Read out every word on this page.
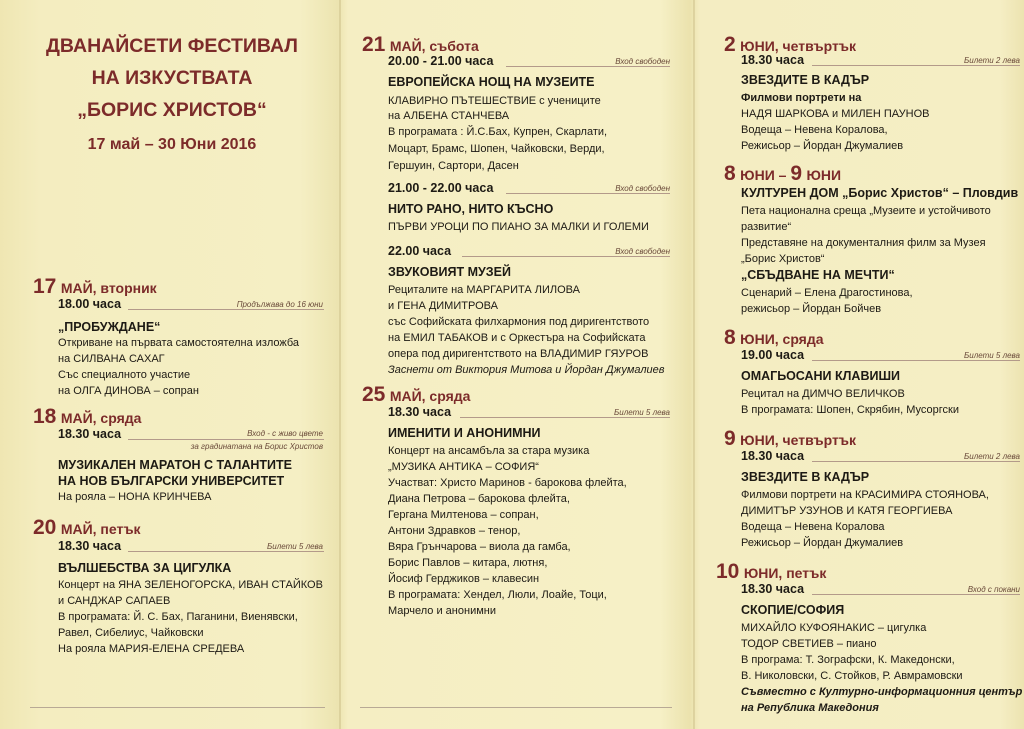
ДВАНАЙСЕТИ ФЕСТИВАЛ
НА ИЗКУСТВАТА
„БОРИС ХРИСТОВ“
17 май – 30 Юни 2016
17 МАЙ, вторник
18.00 часа	Продължава до 16 юни
„ПРОБУЖДАНЕ“
Откриване на първата самостоятелна изложба
на СИЛВАНА САХАГ
Със специалното участие
на ОЛГА ДИНОВА – сопран
18 МАЙ, сряда
18.30 часа	Вход - с живо цвете
за градинатана на Борис Христов
МУЗИКАЛЕН МАРАТОН С ТАЛАНТИТЕ
НА НОВ БЪЛГАРСКИ УНИВЕРСИТЕТ
На рояла – НОНА КРИНЧЕВА
20 МАЙ, петък
18.30 часа	Билети 5 лева
ВЪЛШЕБСТВА ЗА ЦИГУЛКА
Концерт на ЯНА ЗЕЛЕНОГОРСКА, ИВАН СТАЙКОВ
и САНДЖАР САПАЕВ
В програмата: Й. С. Бах, Паганини, Виенявски,
Равел, Сибелиус, Чайковски
На рояла МАРИЯ-ЕЛЕНА СРЕДЕВА
21 МАЙ, събота
20.00 - 21.00 часа	Вход свободен
ЕВРОПЕЙСКА НОЩ НА МУЗЕИТЕ
КЛАВИРНО ПЪТЕШЕСТВИЕ с учениците
на АЛБЕНА СТАНЧЕВА
В програмата : Й.С.Бах, Купрен, Скарлати,
Моцарт, Брамс, Шопен, Чайковски, Верди,
Гершуин, Сартори, Дасен
21.00 - 22.00 часа	Вход свободен
НИТО РАНО, НИТО КЪСНО
ПЪРВИ УРОЦИ ПО ПИАНО ЗА МАЛКИ И ГОЛЕМИ
22.00 часа	Вход свободен
ЗВУКОВИЯТ МУЗЕЙ
Рециталите на МАРГАРИТА ЛИЛОВА
и ГЕНА ДИМИТРОВА
със Софийската филхармония под диригентството
на ЕМИЛ ТАБАКОВ и с Оркестъра на Софийската
опера под диригентството на ВЛАДИМИР ГЯУРОВ
Заснети от Виктория Митова и Йордан Джумалиев
25 МАЙ, сряда
18.30 часа	Билети 5 лева
ИМЕНИТИ И АНОНИМНИ
Концерт на ансамбъла за стара музика
„МУЗИКА АНТИКА – СОФИЯ“
Участват: Христо Маринов - барокова флейта,
Диана Петрова – барокова флейта,
Гергана Милтенова – сопран,
Антони Здравков – тенор,
Вяра Грънчарова – виола да гамба,
Борис Павлов – китара, лютня,
Йосиф Герджиков – клавесин
В програмата: Хендел, Люли, Лоайе, Тоци,
Марчело и анонимни
2 ЮНИ, четвъртък
18.30 часа	Билети 2 лева
ЗВЕЗДИТЕ В КАДЪР
Филмови портрети на
НАДЯ ШАРКОВА и МИЛЕН ПАУНОВ
Водеща – Невена Коралова,
Режисьор – Йордан Джумалиев
8 ЮНИ – 9 ЮНИ
КУЛТУРЕН ДОМ „Борис Христов“ – Пловдив
Пета национална среща „Музеите и устойчивото
развитие“
Представяне на документалния филм за Музея
„Борис Христов“
„СБЪДВАНЕ НА МЕЧТИ“
Сценарий – Елена Драгостинова,
режисьор – Йордан Бойчев
8 ЮНИ, сряда
19.00 часа	Билети 5 лева
ОМАГЬОСАНИ КЛАВИШИ
Рецитал на ДИМЧО ВЕЛИЧКОВ
В програмата: Шопен, Скрябин, Мусоргски
9 ЮНИ, четвъртък
18.30 часа	Билети 2 лева
ЗВЕЗДИТЕ В КАДЪР
Филмови портрети на КРАСИМИРА СТОЯНОВА,
ДИМИТЪР УЗУНОВ И КАТЯ ГЕОРГИЕВА
Водеща – Невена Коралова
Режисьор – Йордан Джумалиев
10 ЮНИ, петък
18.30 часа	Вход с покани
СКОПИЕ/СОФИЯ
МИХАЙЛО КУФОЯНАКИС – цигулка
ТОДОР СВЕТИЕВ – пиано
В програма: Т. Зографски, К. Македонски,
В. Николовски, С. Стойков, Р. Авмрамовски
Съвместно с Културно-информационния център
на Република Македония
